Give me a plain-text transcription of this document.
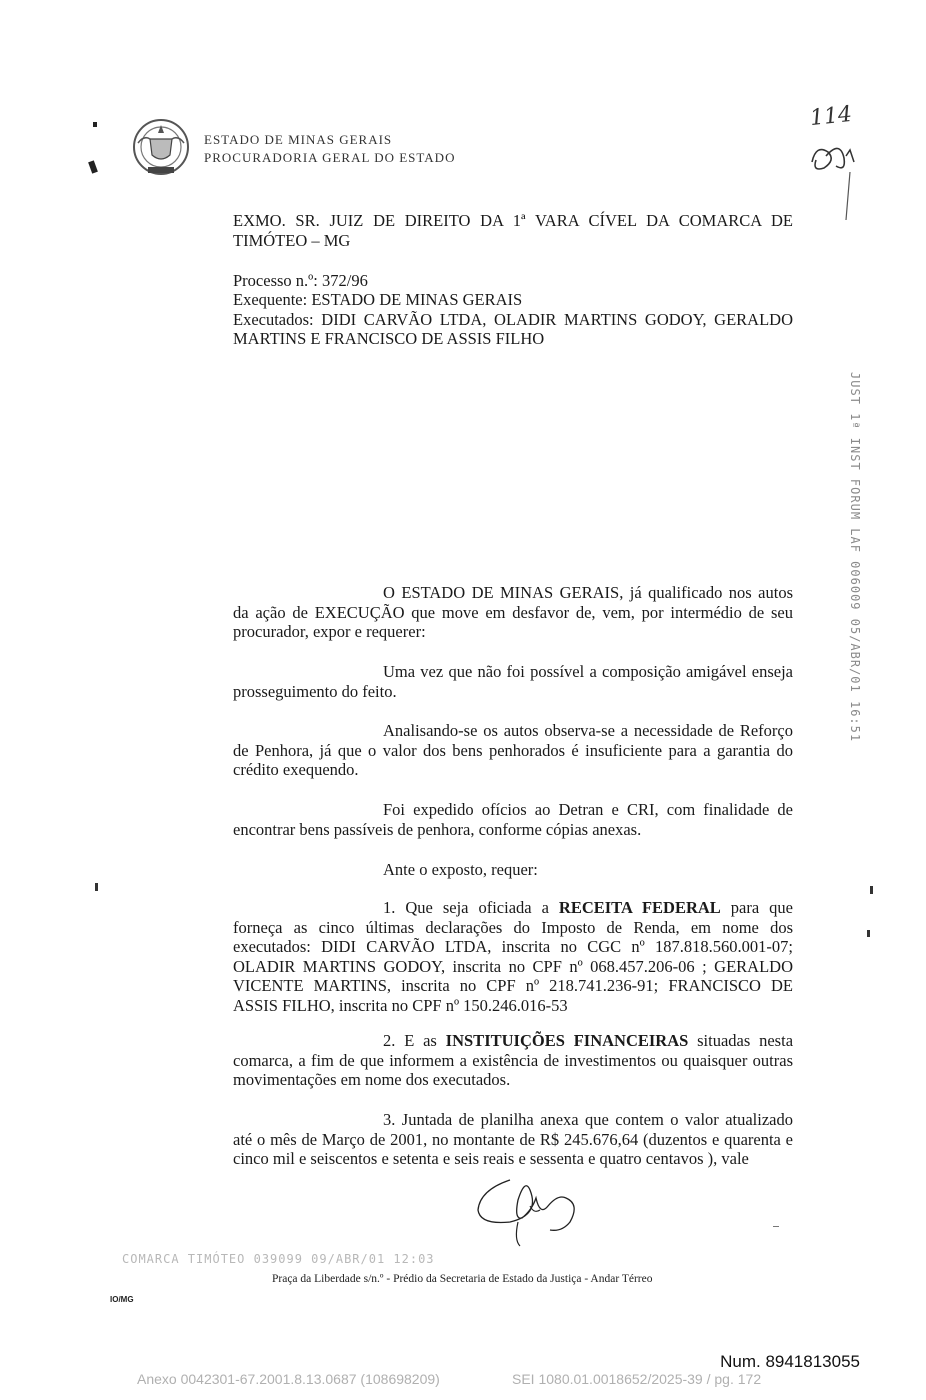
ESTADO DE MINAS GERAIS
PROCURADORIA GERAL DO ESTADO
114
EXMO. SR. JUIZ DE DIREITO DA 1ª VARA CÍVEL DA COMARCA DE
TIMÓTEO – MG
Processo n.º: 372/96
Exequente: ESTADO DE MINAS GERAIS
Executados: DIDI CARVÃO LTDA, OLADIR MARTINS GODOY, GERALDO
MARTINS E FRANCISCO DE ASSIS FILHO
JUST 1ª INST FORUM LAF 006009 05/ABR/01 16:51
O ESTADO DE MINAS GERAIS, já qualificado nos autos da ação de EXECUÇÃO que move em desfavor de, vem, por intermédio de seu procurador, expor e requerer:
Uma vez que não foi possível a composição amigável enseja prosseguimento do feito.
Analisando-se os autos observa-se a necessidade de Reforço de Penhora, já que o valor dos bens penhorados é insuficiente para a garantia do crédito exequendo.
Foi expedido ofícios ao Detran e CRI, com finalidade de encontrar bens passíveis de penhora, conforme cópias anexas.
Ante o exposto, requer:
1. Que seja oficiada a RECEITA FEDERAL para que forneça as cinco últimas declarações do Imposto de Renda, em nome dos executados: DIDI CARVÃO LTDA, inscrita no CGC nº 187.818.560.001-07; OLADIR MARTINS GODOY, inscrita no CPF nº 068.457.206-06 ; GERALDO VICENTE MARTINS, inscrita no CPF nº 218.741.236-91; FRANCISCO DE ASSIS FILHO, inscrita no CPF nº 150.246.016-53
2. E as INSTITUIÇÕES FINANCEIRAS situadas nesta comarca, a fim de que informem a existência de investimentos ou quaisquer outras movimentações em nome dos executados.
3. Juntada de planilha anexa que contem o valor atualizado até o mês de Março de 2001, no montante de R$ 245.676,64 (duzentos e quarenta e cinco mil e seiscentos e setenta e seis reais e sessenta e quatro centavos ), vale
COMARCA TIMÓTEO 039099 09/ABR/01 12:03
Praça da Liberdade s/n.º - Prédio da Secretaria de Estado da Justiça - Andar Térreo
IO/MG
Num. 8941813055
Anexo 0042301-67.2001.8.13.0687 (108698209)	SEI 1080.01.0018652/2025-39 / pg. 172
